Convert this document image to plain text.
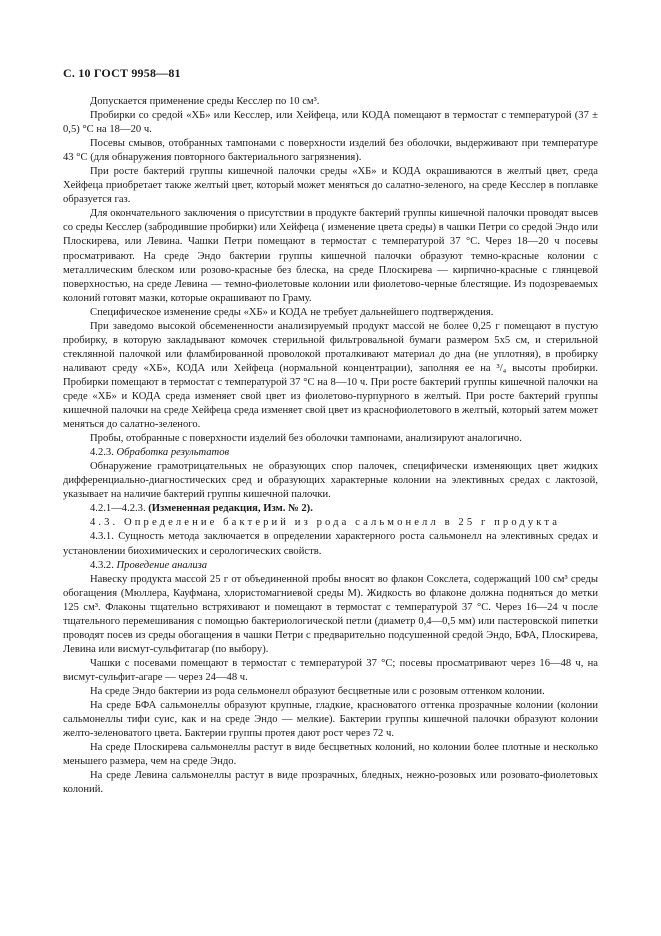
С. 10 ГОСТ 9958—81

Допускается применение среды Кесслер по 10 см³.

Пробирки со средой «ХБ» или Кесслер, или Хейфеца, или КОДА помещают в термостат с температурой (37 ± 0,5) °С на 18—20 ч.

Посевы смывов, отобранных тампонами с поверхности изделий без оболочки, выдерживают при температуре 43 °С (для обнаружения повторного бактериального загрязнения).

При росте бактерий группы кишечной палочки среды «ХБ» и КОДА окрашиваются в желтый цвет, среда Хейфеца приобретает также желтый цвет, который может меняться до салатно-зеленого, на среде Кесслер в поплавке образуется газ.

Для окончательного заключения о присутствии в продукте бактерий группы кишечной палочки проводят высев со среды Кесслер (забродившие пробирки) или Хейфеца ( изменение цвета среды) в чашки Петри со средой Эндо или Плоскирева, или Левина. Чашки Петри помещают в термостат с температурой 37 °С. Через 18—20 ч посевы просматривают. На среде Эндо бактерии группы кишечной палочки образуют темно-красные колонии с металлическим блеском или розово-красные без блеска, на среде Плоскирева — кирпично-красные с глянцевой поверхностью, на среде Левина — темно-фиолетовые колонии или фиолетово-черные блестящие. Из подозреваемых колоний готовят мазки, которые окрашивают по Граму.

Специфическое изменение среды «ХБ» и КОДА не требует дальнейшего подтверждения.

При заведомо высокой обсемененности анализируемый продукт массой не более 0,25 г помещают в пустую пробирку, в которую закладывают комочек стерильной фильтровальной бумаги размером 5х5 см, и стерильной стеклянной палочкой или фламбированной проволокой проталкивают материал до дна (не уплотняя), в пробирку наливают среду «ХБ», КОДА или Хейфеца (нормальной концентрации), заполняя ее на ³/₄ высоты пробирки. Пробирки помещают в термостат с температурой 37 °С на 8—10 ч. При росте бактерий группы кишечной палочки на среде «ХБ» и КОДА среда изменяет свой цвет из фиолетово-пурпурного в желтый. При росте бактерий группы кишечной палочки на среде Хейфеца среда изменяет свой цвет из краснофиолетового в желтый, который затем может меняться до салатно-зеленого.

Пробы, отобранные с поверхности изделий без оболочки тампонами, анализируют аналогично.

4.2.3. Обработка результатов

Обнаружение грамотрицательных не образующих спор палочек, специфически изменяющих цвет жидких дифференциально-диагностических сред и образующих характерные колонии на элективных средах с лактозой, указывает на наличие бактерий группы кишечной палочки.

4.2.1—4.2.3. (Измененная редакция, Изм. № 2).

4.3. Определение бактерий из рода сальмонелл в 25 г продукта

4.3.1. Сущность метода заключается в определении характерного роста сальмонелл на элективных средах и установлении биохимических и серологических свойств.

4.3.2. Проведение анализа

Навеску продукта массой 25 г от объединенной пробы вносят во флакон Сокслета, содержащий 100 см³ среды обогащения (Мюллера, Кауфмана, хлористомагниевой среды М). Жидкость во флаконе должна подняться до метки 125 см³. Флаконы тщательно встряхивают и помещают в термостат с температурой 37 °С. Через 16—24 ч после тщательного перемешивания с помощью бактериологической петли (диаметр 0,4—0,5 мм) или пастеровской пипетки проводят посев из среды обогащения в чашки Петри с предварительно подсушенной средой Эндо, БФА, Плоскирева, Левина или висмут-сульфитагар (по выбору).

Чашки с посевами помещают в термостат с температурой 37 °С; посевы просматривают через 16—48 ч, на висмут-сульфит-агаре — через 24—48 ч.

На среде Эндо бактерии из рода сельмонелл образуют бесцветные или с розовым оттенком колонии.

На среде БФА сальмонеллы образуют крупные, гладкие, красноватого оттенка прозрачные колонии (колонии сальмонеллы тифи суис, как и на среде Эндо — мелкие). Бактерии группы кишечной палочки образуют колонии желто-зеленоватого цвета. Бактерии группы протея дают рост через 72 ч.

На среде Плоскирева сальмонеллы растут в виде бесцветных колоний, но колонии более плотные и несколько меньшего размера, чем на среде Эндо.

На среде Левина сальмонеллы растут в виде прозрачных, бледных, нежно-розовых или розовато-фиолетовых колоний.
